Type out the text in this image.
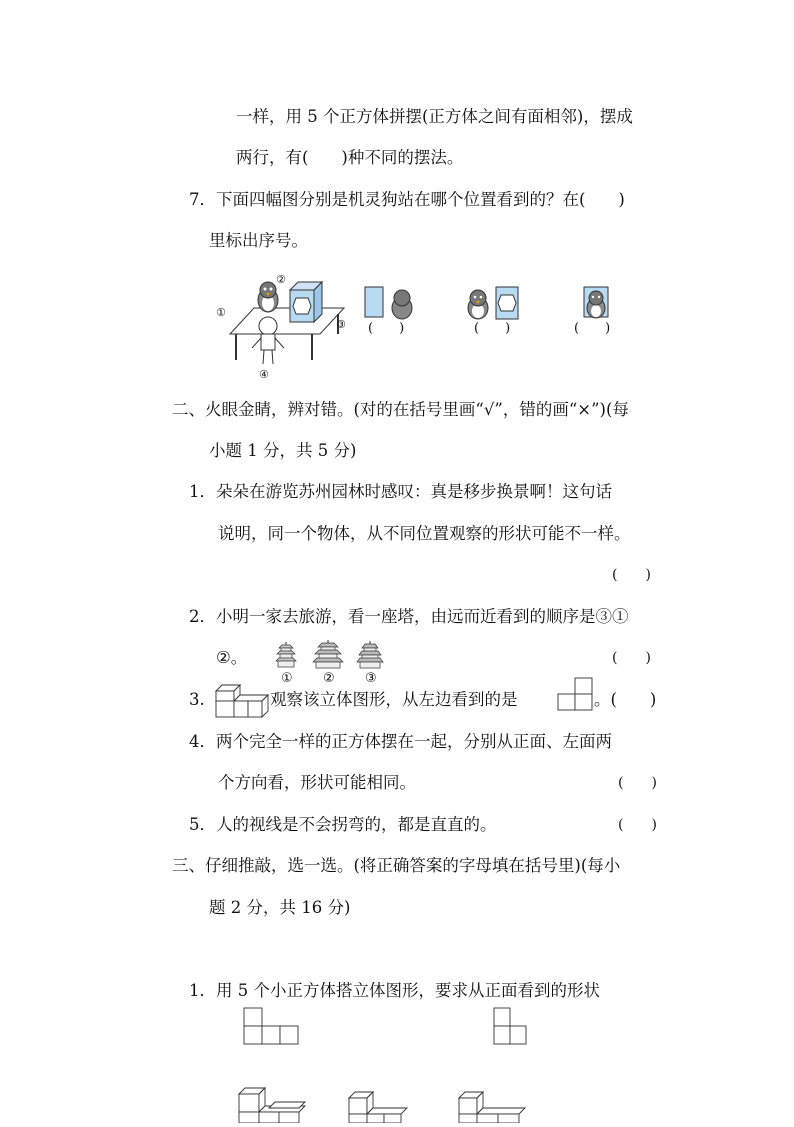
一样，用 5 个正方体拼摆(正方体之间有面相邻)，摆成
两行，有(　　)种不同的摆法。
7．下面四幅图分别是机灵狗站在哪个位置看到的？在(　　)
里标出序号。
①
②
③
④
(　　)	(　　)	(　　)
二、火眼金睛，辨对错。(对的在括号里画“√”，错的画“×”)(每
小题 1 分，共 5 分)
1．朵朵在游览苏州园林时感叹：真是移步换景啊！这句话
说明，同一个物体，从不同位置观察的形状可能不一样。
(　　)
2．小明一家去旅游，看一座塔，由远而近看到的顺序是③①
②。
① ② ③
(　　)
3.	观察该立体图形，从左边看到的是	。(　　)
4．两个完全一样的正方体摆在一起，分别从正面、左面两
个方向看，形状可能相同。	(　　)
5．人的视线是不会拐弯的，都是直直的。	(　　)
三、仔细推敲，选一选。(将正确答案的字母填在括号里)(每小
题 2 分，共 16 分)
1．用 5 个小正方体搭立体图形，要求从正面看到的形状
